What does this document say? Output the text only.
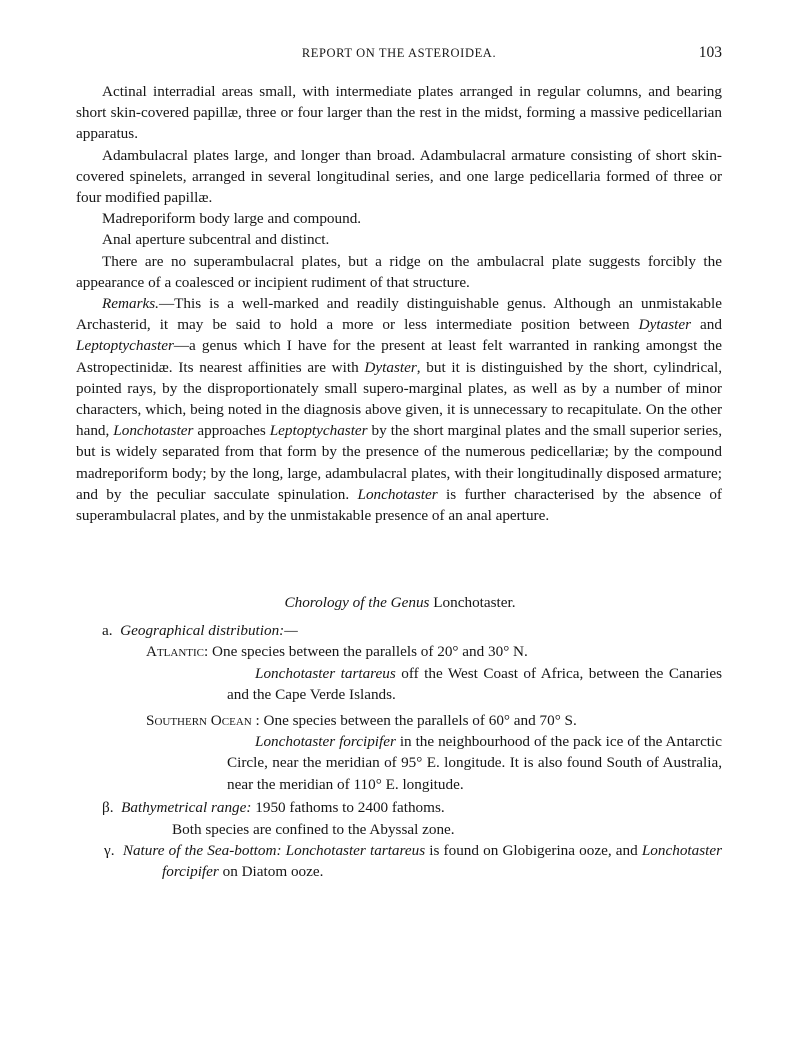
REPORT ON THE ASTEROIDEA.	103

Actinal interradial areas small, with intermediate plates arranged in regular columns, and bearing short skin-covered papillæ, three or four larger than the rest in the midst, forming a massive pedicellarian apparatus.

Adambulacral plates large, and longer than broad. Adambulacral armature consisting of short skin-covered spinelets, arranged in several longitudinal series, and one large pedicellaria formed of three or four modified papillæ.

Madreporiform body large and compound.

Anal aperture subcentral and distinct.

There are no superambulacral plates, but a ridge on the ambulacral plate suggests forcibly the appearance of a coalesced or incipient rudiment of that structure.

Remarks.—This is a well-marked and readily distinguishable genus. Although an unmistakable Archasterid, it may be said to hold a more or less intermediate position between Dytaster and Leptoptychaster—a genus which I have for the present at least felt warranted in ranking amongst the Astropectinidæ. Its nearest affinities are with Dytaster, but it is distinguished by the short, cylindrical, pointed rays, by the disproportionately small supero-marginal plates, as well as by a number of minor characters, which, being noted in the diagnosis above given, it is unnecessary to recapitulate. On the other hand, Lonchotaster approaches Leptoptychaster by the short marginal plates and the small superior series, but is widely separated from that form by the presence of the numerous pedicellariæ; by the compound madreporiform body; by the long, large, adambulacral plates, with their longitudinally disposed armature; and by the peculiar sacculate spinulation. Lonchotaster is further characterised by the absence of superambulacral plates, and by the unmistakable presence of an anal aperture.

Chorology of the Genus Lonchotaster.

a. Geographical distribution:—

Atlantic: One species between the parallels of 20° and 30° N.

Lonchotaster tartareus off the West Coast of Africa, between the Canaries and the Cape Verde Islands.

Southern Ocean : One species between the parallels of 60° and 70° S.

Lonchotaster forcipifer in the neighbourhood of the pack ice of the Antarctic Circle, near the meridian of 95° E. longitude. It is also found South of Australia, near the meridian of 110° E. longitude.

β. Bathymetrical range: 1950 fathoms to 2400 fathoms.

Both species are confined to the Abyssal zone.

γ. Nature of the Sea-bottom: Lonchotaster tartareus is found on Globigerina ooze, and Lonchotaster forcipifer on Diatom ooze.
